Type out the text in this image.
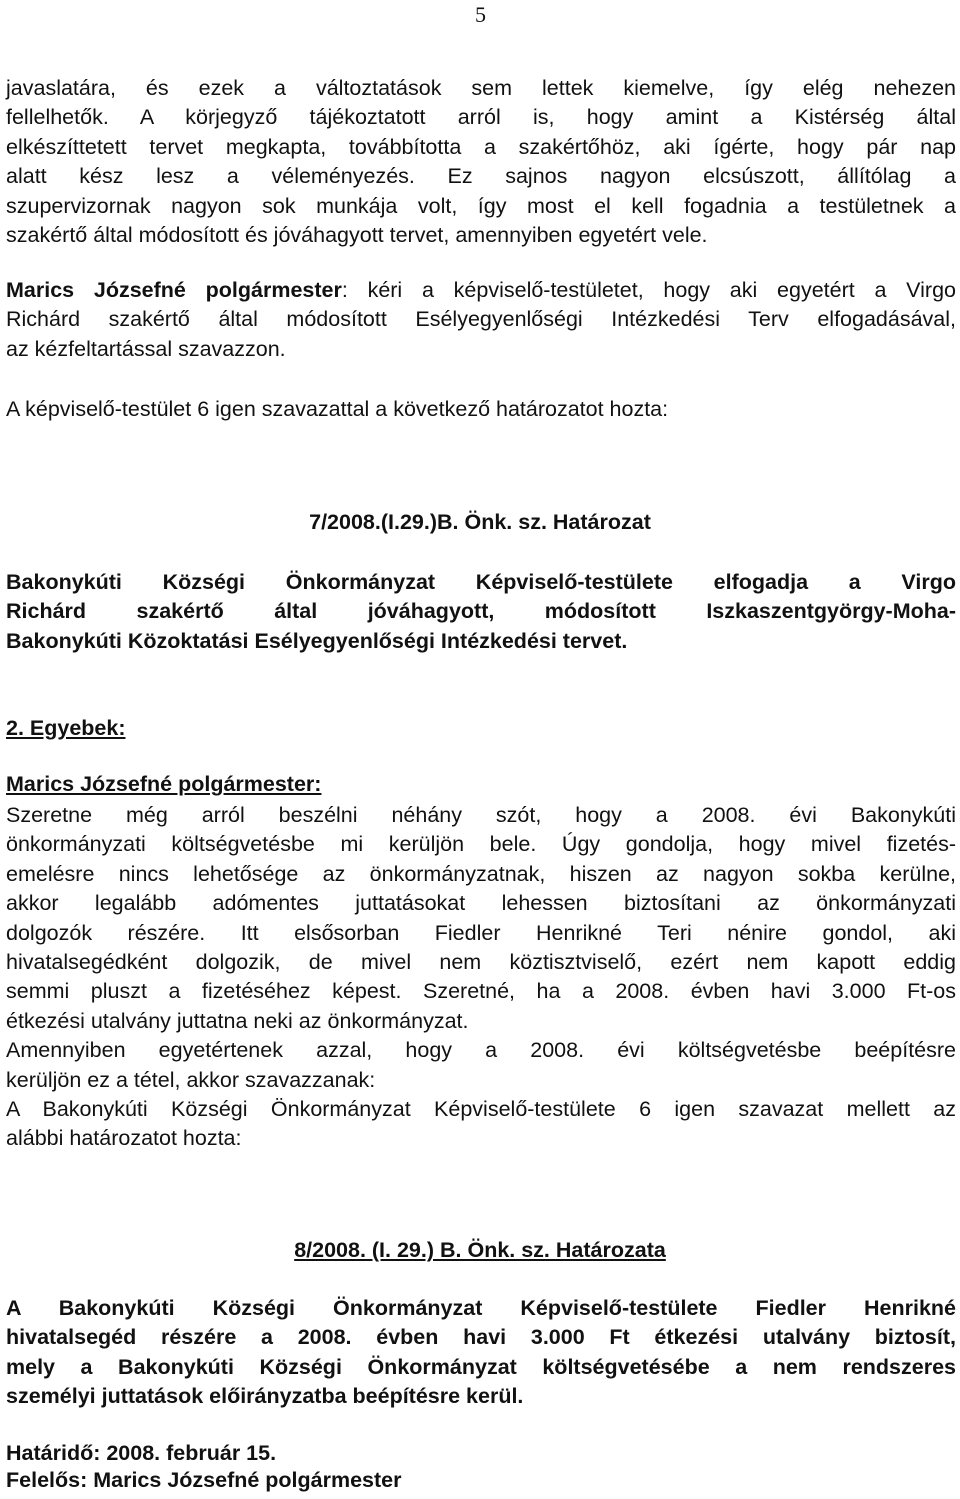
5
javaslatára, és ezek a változtatások sem lettek kiemelve, így elég nehezen
fellelhetők. A körjegyző tájékoztatott arról is, hogy amint a Kistérség által
elkészíttetett tervet megkapta, továbbította a szakértőhöz, aki ígérte, hogy pár nap
alatt kész lesz a véleményezés. Ez sajnos nagyon elcsúszott, állítólag a
szupervizornak nagyon sok munkája volt, így most el kell fogadnia a testületnek a
szakértő által módosított és jóváhagyott tervet, amennyiben egyetért vele.
Marics Józsefné polgármester: kéri a képviselő-testületet, hogy aki egyetért a Virgo
Richárd szakértő által módosított Esélyegyenlőségi Intézkedési Terv elfogadásával,
az kézfeltartással szavazzon.
A képviselő-testület 6 igen szavazattal a következő határozatot hozta:
7/2008.(I.29.)B. Önk. sz. Határozat
Bakonykúti Községi Önkormányzat Képviselő-testülete elfogadja a Virgo
Richárd szakértő által jóváhagyott, módosított Iszkaszentgyörgy-Moha-
Bakonykúti Közoktatási Esélyegyenlőségi Intézkedési tervet.
2. Egyebek:
Marics Józsefné polgármester:
Szeretne még arról beszélni néhány szót, hogy a 2008. évi Bakonykúti
önkormányzati költségvetésbe mi kerüljön bele. Úgy gondolja, hogy mivel fizetés-
emelésre nincs lehetősége az önkormányzatnak, hiszen az nagyon sokba kerülne,
akkor legalább adómentes juttatásokat lehessen biztosítani az önkormányzati
dolgozók részére. Itt elsősorban Fiedler Henrikné Teri nénire gondol, aki
hivatalsegédként dolgozik, de mivel nem köztisztviselő, ezért nem kapott eddig
semmi pluszt a fizetéséhez képest. Szeretné, ha a 2008. évben havi 3.000 Ft-os
étkezési utalvány juttatna neki az önkormányzat.
Amennyiben egyetértenek azzal, hogy a 2008. évi költségvetésbe beépítésre
kerüljön ez a tétel, akkor szavazzanak:
A Bakonykúti Községi Önkormányzat Képviselő-testülete 6 igen szavazat mellett az
alábbi határozatot hozta:
8/2008. (I. 29.) B. Önk. sz. Határozata
A Bakonykúti Községi Önkormányzat Képviselő-testülete Fiedler Henrikné
hivatalsegéd részére a 2008. évben havi 3.000 Ft étkezési utalvány biztosít,
mely a Bakonykúti Községi Önkormányzat költségvetésébe a nem rendszeres
személyi juttatások előirányzatba beépítésre kerül.
Határidő: 2008. február 15.
Felelős: Marics Józsefné polgármester
